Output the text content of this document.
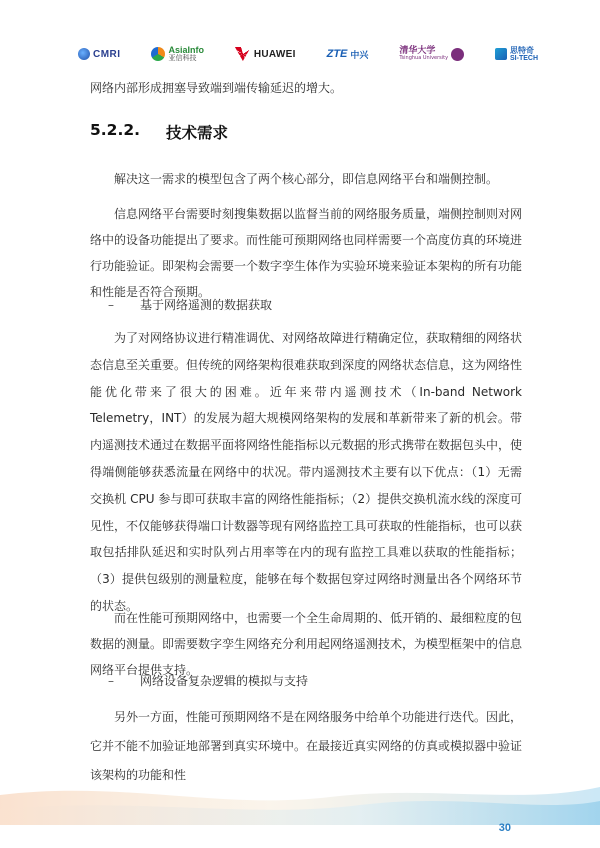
CMRI	AsiaInfo
亚信科技	HUAWEI	ZTE 中兴	清华大学
Tsinghua University
思特奇
SI-TECH

网络内部形成拥塞导致端到端传输延迟的增大。

5.2.2. 技术需求

解决这一需求的模型包含了两个核心部分，即信息网络平台和端侧控制。

信息网络平台需要时刻搜集数据以监督当前的网络服务质量，端侧控制则对网络中的设备功能提出了要求。而性能可预期网络也同样需要一个高度仿真的环境进行功能验证。即架构会需要一个数字孪生体作为实验环境来验证本架构的所有功能和性能是否符合预期。

– 基于网络遥测的数据获取

为了对网络协议进行精准调优、对网络故障进行精确定位，获取精细的网络状态信息至关重要。但传统的网络架构很难获取到深度的网络状态信息，这为网络性能优化带来了很大的困难。近年来带内遥测技术（In-band Network Telemetry，INT）的发展为超大规模网络架构的发展和革新带来了新的机会。带内遥测技术通过在数据平面将网络性能指标以元数据的形式携带在数据包头中，使得端侧能够获悉流量在网络中的状况。带内遥测技术主要有以下优点：（1）无需交换机 CPU 参与即可获取丰富的网络性能指标；（2）提供交换机流水线的深度可见性，不仅能够获得端口计数器等现有网络监控工具可获取的性能指标，也可以获取包括排队延迟和实时队列占用率等在内的现有监控工具难以获取的性能指标；（3）提供包级别的测量粒度，能够在每个数据包穿过网络时测量出各个网络环节的状态。

而在性能可预期网络中，也需要一个全生命周期的、低开销的、最细粒度的包数据的测量。即需要数字孪生网络充分利用起网络遥测技术，为模型框架中的信息网络平台提供支持。

– 网络设备复杂逻辑的模拟与支持

另外一方面，性能可预期网络不是在网络服务中给单个功能进行迭代。因此，它并不能不加验证地部署到真实环境中。在最接近真实网络的仿真或模拟器中验证该架构的功能和性

30
